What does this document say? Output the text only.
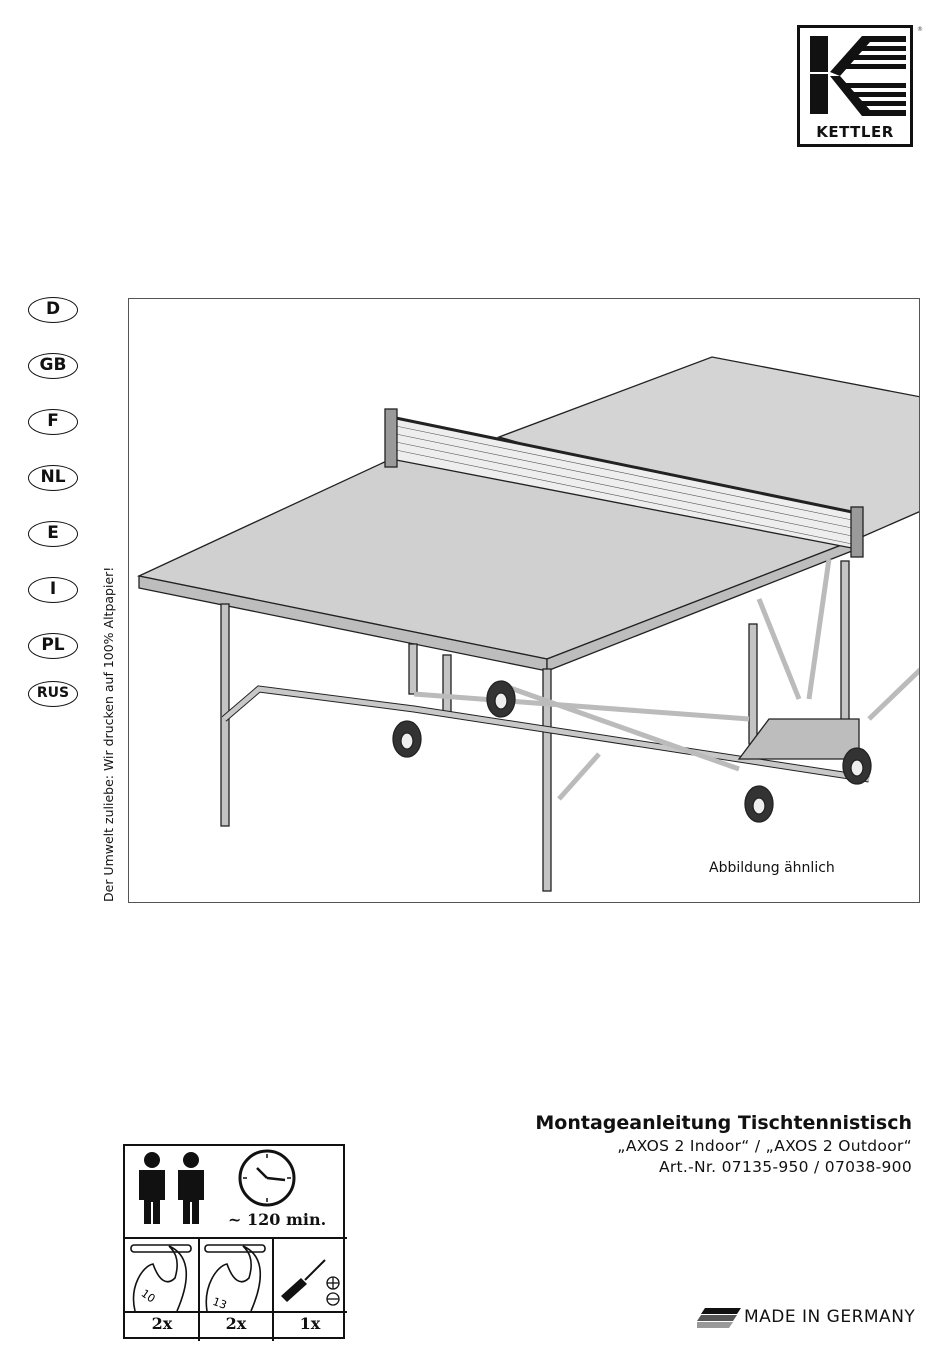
KETTLER
®
D
GB
F
NL
E
I
PL
RUS	Der Umwelt zuliebe: Wir drucken auf 100% Altpapier!	Abbildung ähnlich
Montageanleitung Tischtennistisch
„AXOS 2 Indoor“ / „AXOS 2 Outdoor“
Art.-Nr. 07135-950 / 07038-900
10	13
~ 120 min.
2x	2x	1x	MADE IN GERMANY
